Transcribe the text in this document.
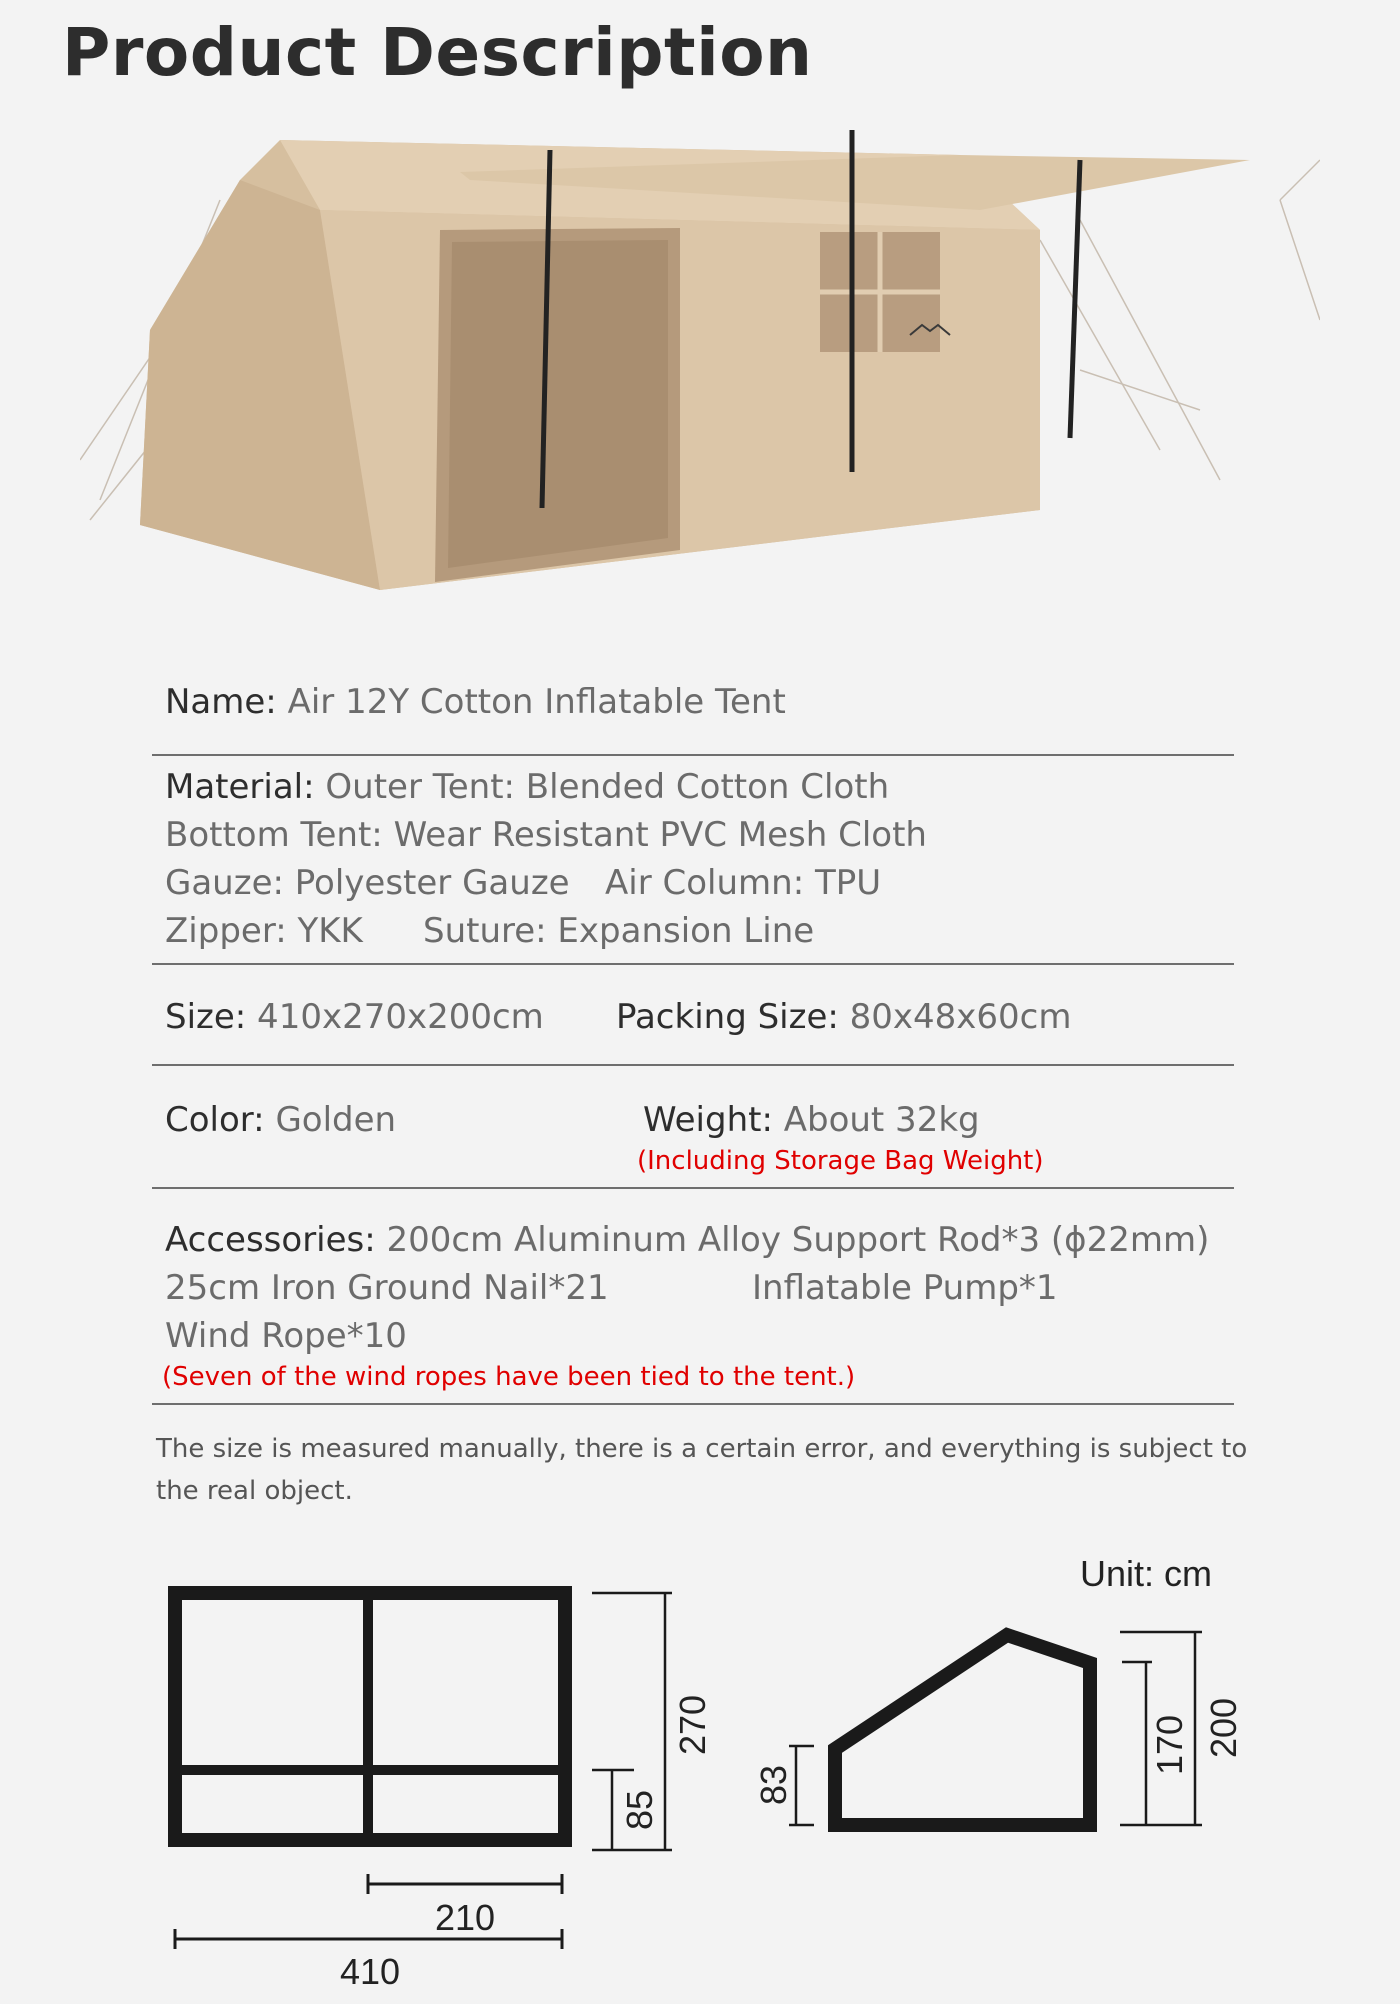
Product Description
Name: Air 12Y Cotton Inflatable Tent
Material: Outer Tent: Blended Cotton Cloth
Bottom Tent: Wear Resistant PVC Mesh Cloth
Gauze: Polyester Gauze Air Column: TPU
Zipper: YKK Suture: Expansion Line
Size: 410x270x200cm Packing Size: 80x48x60cm
Color: Golden	Weight: About 32kg
(Including Storage Bag Weight)
Accessories: 200cm Aluminum Alloy Support Rod*3 (ϕ22mm)
25cm Iron Ground Nail*21	Inflatable Pump*1
Wind Rope*10
(Seven of the wind ropes have been tied to the tent.)
The size is measured manually, there is a certain error, and everything is subject to the real object.
Unit: cm
270
85
210
410
83
170 200
